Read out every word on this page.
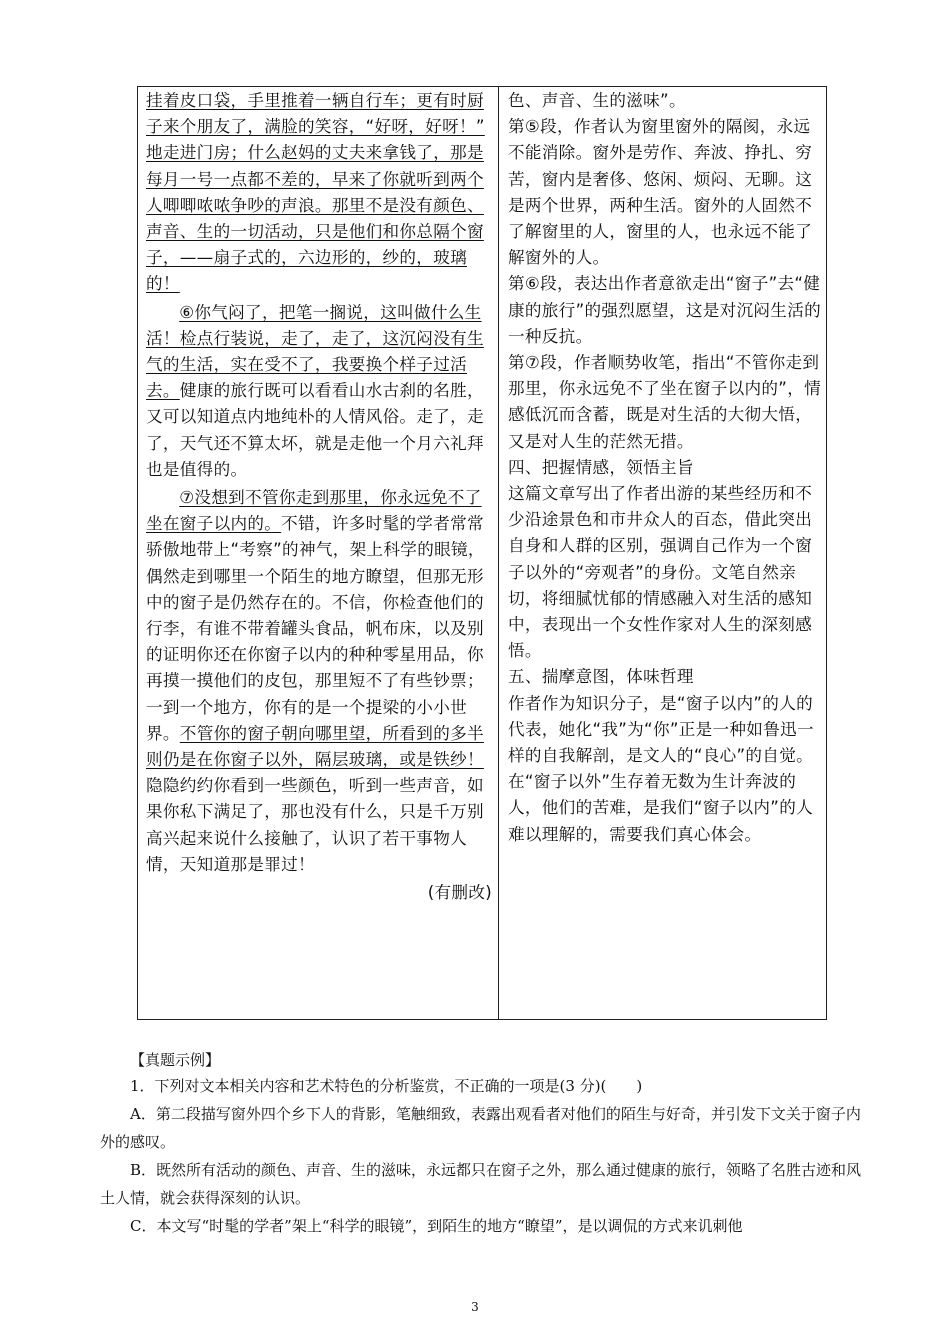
挂着皮口袋，手里推着一辆自行车；更有时厨
子来个朋友了，满脸的笑容，“好呀，好呀！”
地走进门房；什么赵妈的丈夫来拿钱了，那是
每月一号一点都不差的，早来了你就听到两个
人唧唧哝哝争吵的声浪。那里不是没有颜色、
声音、生的一切活动，只是他们和你总隔个窗
子，——扇子式的，六边形的，纱的，玻璃的！

⑥你气闷了，把笔一搁说，这叫做什么生活！检点行装说，走了，走了，这沉闷没有生气的生活，实在受不了，我要换个样子过活去。健康的旅行既可以看看山水古刹的名胜，又可以知道点内地纯朴的人情风俗。走了，走了，天气还不算太坏，就是走他一个月六礼拜也是值得的。

⑦没想到不管你走到那里，你永远免不了坐在窗子以内的。不错，许多时髦的学者常常骄傲地带上“考察”的神气，架上科学的眼镜，偶然走到哪里一个陌生的地方瞭望，但那无形中的窗子是仍然存在的。不信，你检查他们的行李，有谁不带着罐头食品，帆布床，以及别的证明你还在你窗子以内的种种零星用品，你再摸一摸他们的皮包，那里短不了有些钞票；一到一个地方，你有的是一个提梁的小小世界。不管你的窗子朝向哪里望，所看到的多半则仍是在你窗子以外，隔层玻璃，或是铁纱！隐隐约约你看到一些颜色，听到一些声音，如果你私下满足了，那也没有什么，只是千万别高兴起来说什么接触了，认识了若干事物人情，天知道那是罪过！

(有删改)

色、声音、生的滋味”。

第⑤段，作者认为窗里窗外的隔阂，永远不能消除。窗外是劳作、奔波、挣扎、穷苦，窗内是奢侈、悠闲、烦闷、无聊。这是两个世界，两种生活。窗外的人固然不了解窗里的人，窗里的人，也永远不能了解窗外的人。

第⑥段，表达出作者意欲走出“窗子”去“健康的旅行”的强烈愿望，这是对沉闷生活的一种反抗。

第⑦段，作者顺势收笔，指出“不管你走到那里，你永远免不了坐在窗子以内的”，情感低沉而含蓄，既是对生活的大彻大悟，又是对人生的茫然无措。

四、把握情感，领悟主旨

这篇文章写出了作者出游的某些经历和不少沿途景色和市井众人的百态，借此突出自身和人群的区别，强调自己作为一个窗子以外的“旁观者”的身份。文笔自然亲切，将细腻忧郁的情感融入对生活的感知中，表现出一个女性作家对人生的深刻感悟。

五、揣摩意图，体味哲理

作者作为知识分子，是“窗子以内”的人的代表，她化“我”为“你”正是一种如鲁迅一样的自我解剖，是文人的“良心”的自觉。在“窗子以外”生存着无数为生计奔波的人，他们的苦难，是我们“窗子以内”的人难以理解的，需要我们真心体会。

【真题示例】

1．下列对文本相关内容和艺术特色的分析鉴赏，不正确的一项是(3 分)(　　)

A．第二段描写窗外四个乡下人的背影，笔触细致，表露出观看者对他们的陌生与好奇，并引发下文关于窗子内外的感叹。

B．既然所有活动的颜色、声音、生的滋味，永远都只在窗子之外，那么通过健康的旅行，领略了名胜古迹和风土人情，就会获得深刻的认识。

C．本文写“时髦的学者”架上“科学的眼镜”，到陌生的地方“瞭望”，是以调侃的方式来讥刺他

3
